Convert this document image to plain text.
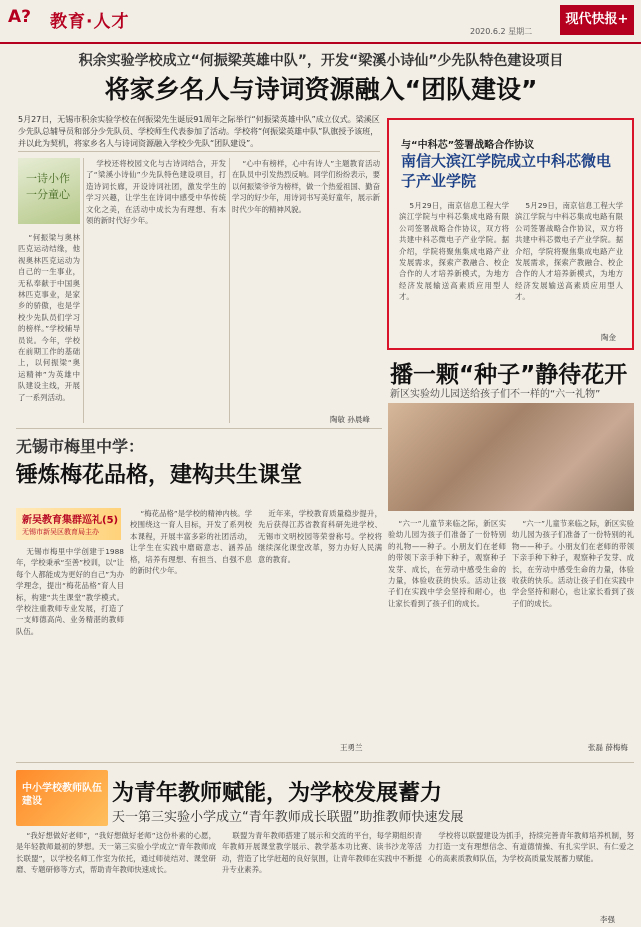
A? 教育·人才	2020.6.2 星期二
现代快报+
积余实验学校成立“何振梁英雄中队”，开发“梁溪小诗仙”少先队特色建设项目
将家乡名人与诗词资源融入“团队建设”
5月27日，无锡市积余实验学校在何振梁先生诞辰91周年之际举行“何振梁英雄中队”成立仪式。梁溪区少先队总辅导员和部分少先队员、学校师生代表参加了活动。学校将“何振梁英雄中队”队旗授予该班，并以此为契机，将家乡名人与诗词资源融入学校少先队“团队建设”。
一诗小作 一分童心
“何振梁与奥林匹克运动结缘，他视奥林匹克运动为自己的一生事业，无私奉献于中国奥林匹克事业，是家乡的骄傲，也是学校少先队员们学习的榜样。”学校辅导员说。今年，学校在前期工作的基础上，以何振梁“奥运精神”为英雄中队建设主线，开展了一系列活动。
学校还将校园文化与古诗词结合，开发了“梁溪小诗仙”少先队特色建设项目，打造诗词长廊，开设诗词社团，激发学生的学习兴趣，让学生在诗词中感受中华传统文化之美，在活动中成长为有理想、有本领的新时代好少年。
“心中有榜样，心中有诗人”主题教育活动在队员中引发热烈反响。同学们纷纷表示，要以何振梁爷爷为榜样，做一个热爱祖国、勤奋学习的好少年，用诗词书写美好童年，展示新时代少年的精神风貌。
陶敏 孙晨峰
与“中科芯”签署战略合作协议
南信大滨江学院成立中科芯微电子产业学院
5月29日，南京信息工程大学滨江学院与中科芯集成电路有限公司签署战略合作协议，双方将共建中科芯微电子产业学院。据介绍，学院将聚焦集成电路产业发展需求，探索产教融合、校企合作的人才培养新模式，为地方经济发展输送高素质应用型人才。
5月29日，南京信息工程大学滨江学院与中科芯集成电路有限公司签署战略合作协议，双方将共建中科芯微电子产业学院。据介绍，学院将聚焦集成电路产业发展需求，探索产教融合、校企合作的人才培养新模式，为地方经济发展输送高素质应用型人才。
陶金
播一颗“种子”静待花开
新区实验幼儿园送给孩子们不一样的“六一礼物”
“六一”儿童节来临之际，新区实验幼儿园为孩子们准备了一份特别的礼物——种子。小朋友们在老师的带领下亲手种下种子，观察种子发芽、成长，在劳动中感受生命的力量，体验收获的快乐。活动让孩子们在实践中学会坚持和耐心，也让家长看到了孩子们的成长。
“六一”儿童节来临之际，新区实验幼儿园为孩子们准备了一份特别的礼物——种子。小朋友们在老师的带领下亲手种下种子，观察种子发芽、成长，在劳动中感受生命的力量，体验收获的快乐。活动让孩子们在实践中学会坚持和耐心，也让家长看到了孩子们的成长。
张磊 薛梅梅
无锡市梅里中学：
锤炼梅花品格，建构共生课堂
新吴教育集群巡礼(5)
无锡市新吴区教育局主办
无锡市梅里中学创建于1988年，学校秉承“至善”校训，以“让每个人都能成为更好的自己”为办学理念，提出“梅花品格”育人目标，构建“共生课堂”教学模式。学校注重教师专业发展，打造了一支师德高尚、业务精湛的教师队伍。
“梅花品格”是学校的精神内核。学校围绕这一育人目标，开发了系列校本课程，开展丰富多彩的社团活动，让学生在实践中磨砺意志、涵养品格，培养有理想、有担当、自强不息的新时代少年。
近年来，学校教育质量稳步提升，先后获得江苏省教育科研先进学校、无锡市文明校园等荣誉称号。学校将继续深化课堂改革，努力办好人民满意的教育。
王勇兰
中小学校教师队伍建设	为青年教师赋能，为学校发展蓄力
天一第三实验小学成立“青年教师成长联盟”助推教师快速发展
“我好想做好老师”，“我好想做好老师”这份朴素的心愿，是年轻教师最初的梦想。天一第三实验小学成立“青年教师成长联盟”，以学校名师工作室为依托，通过师徒结对、课堂研磨、专题研修等方式，帮助青年教师快速成长。
联盟为青年教师搭建了展示和交流的平台，每学期组织青年教师开展课堂教学展示、教学基本功比赛、读书沙龙等活动，营造了比学赶超的良好氛围，让青年教师在实践中不断提升专业素养。
学校将以联盟建设为抓手，持续完善青年教师培养机制，努力打造一支有理想信念、有道德情操、有扎实学识、有仁爱之心的高素质教师队伍，为学校高质量发展蓄力赋能。
李强
